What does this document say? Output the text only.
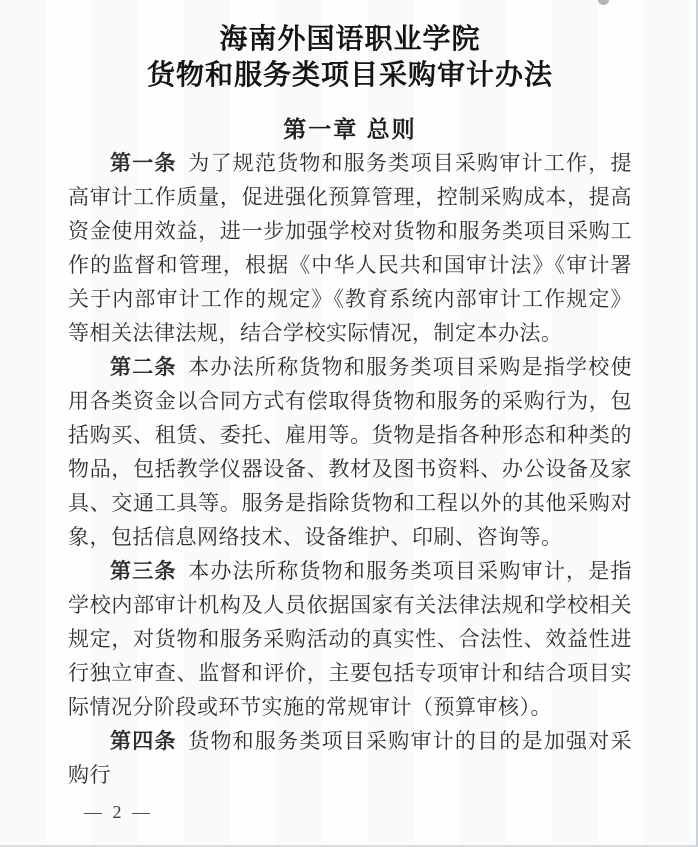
海南外国语职业学院
货物和服务类项目采购审计办法
第一章 总则

第一条 为了规范货物和服务类项目采购审计工作，提高审计工作质量，促进强化预算管理，控制采购成本，提高资金使用效益，进一步加强学校对货物和服务类项目采购工作的监督和管理，根据《中华人民共和国审计法》《审计署关于内部审计工作的规定》《教育系统内部审计工作规定》等相关法律法规，结合学校实际情况，制定本办法。

第二条 本办法所称货物和服务类项目采购是指学校使用各类资金以合同方式有偿取得货物和服务的采购行为，包括购买、租赁、委托、雇用等。货物是指各种形态和种类的物品，包括教学仪器设备、教材及图书资料、办公设备及家具、交通工具等。服务是指除货物和工程以外的其他采购对象，包括信息网络技术、设备维护、印刷、咨询等。

第三条 本办法所称货物和服务类项目采购审计，是指学校内部审计机构及人员依据国家有关法律法规和学校相关规定，对货物和服务采购活动的真实性、合法性、效益性进行独立审查、监督和评价，主要包括专项审计和结合项目实际情况分阶段或环节实施的常规审计（预算审核）。

第四条 货物和服务类项目采购审计的目的是加强对采购行

— 2 —
